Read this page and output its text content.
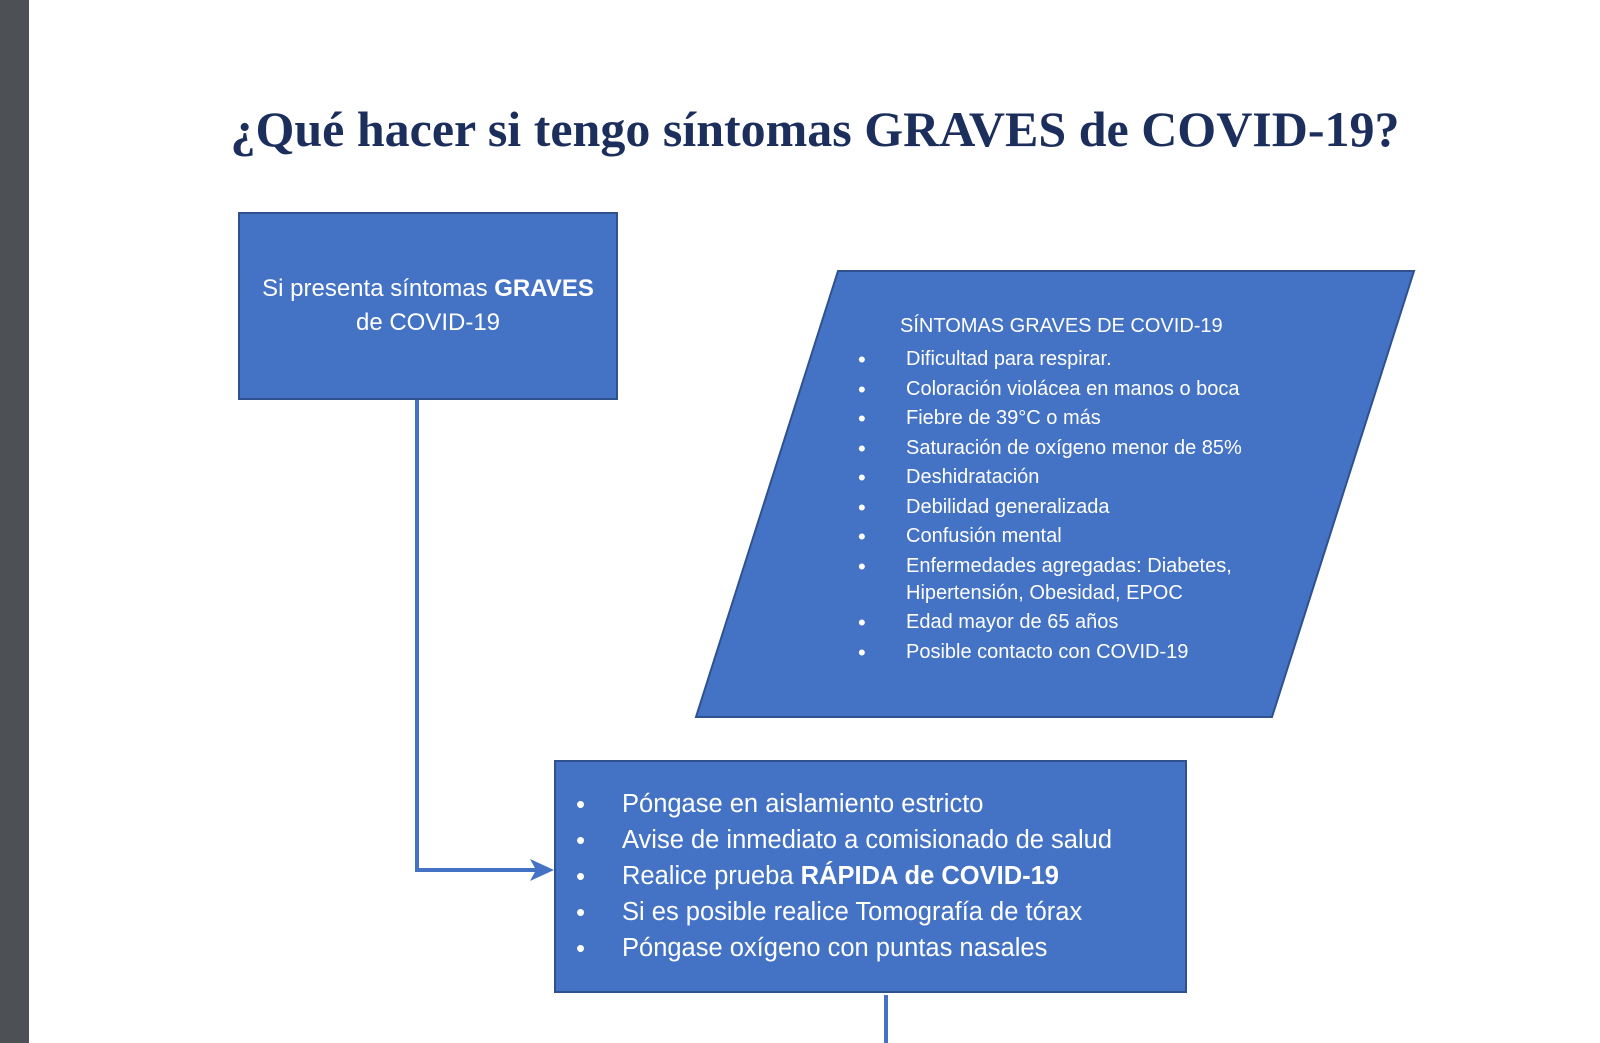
¿Qué hacer si tengo síntomas GRAVES de COVID-19?
Si presenta síntomas GRAVES
de COVID-19	SÍNTOMAS GRAVES DE COVID-19
• Dificultad para respirar.
• Coloración violácea en manos o boca
• Fiebre de 39°C o más
• Saturación de oxígeno menor de 85%
• Deshidratación
• Debilidad generalizada
• Confusión mental
• Enfermedades agregadas: Diabetes, Hipertensión, Obesidad, EPOC
• Edad mayor de 65 años
• Posible contacto con COVID-19
• Póngase en aislamiento estricto
• Avise de inmediato a comisionado de salud
• Realice prueba RÁPIDA de COVID-19
• Si es posible realice Tomografía de tórax
• Póngase oxígeno con puntas nasales
